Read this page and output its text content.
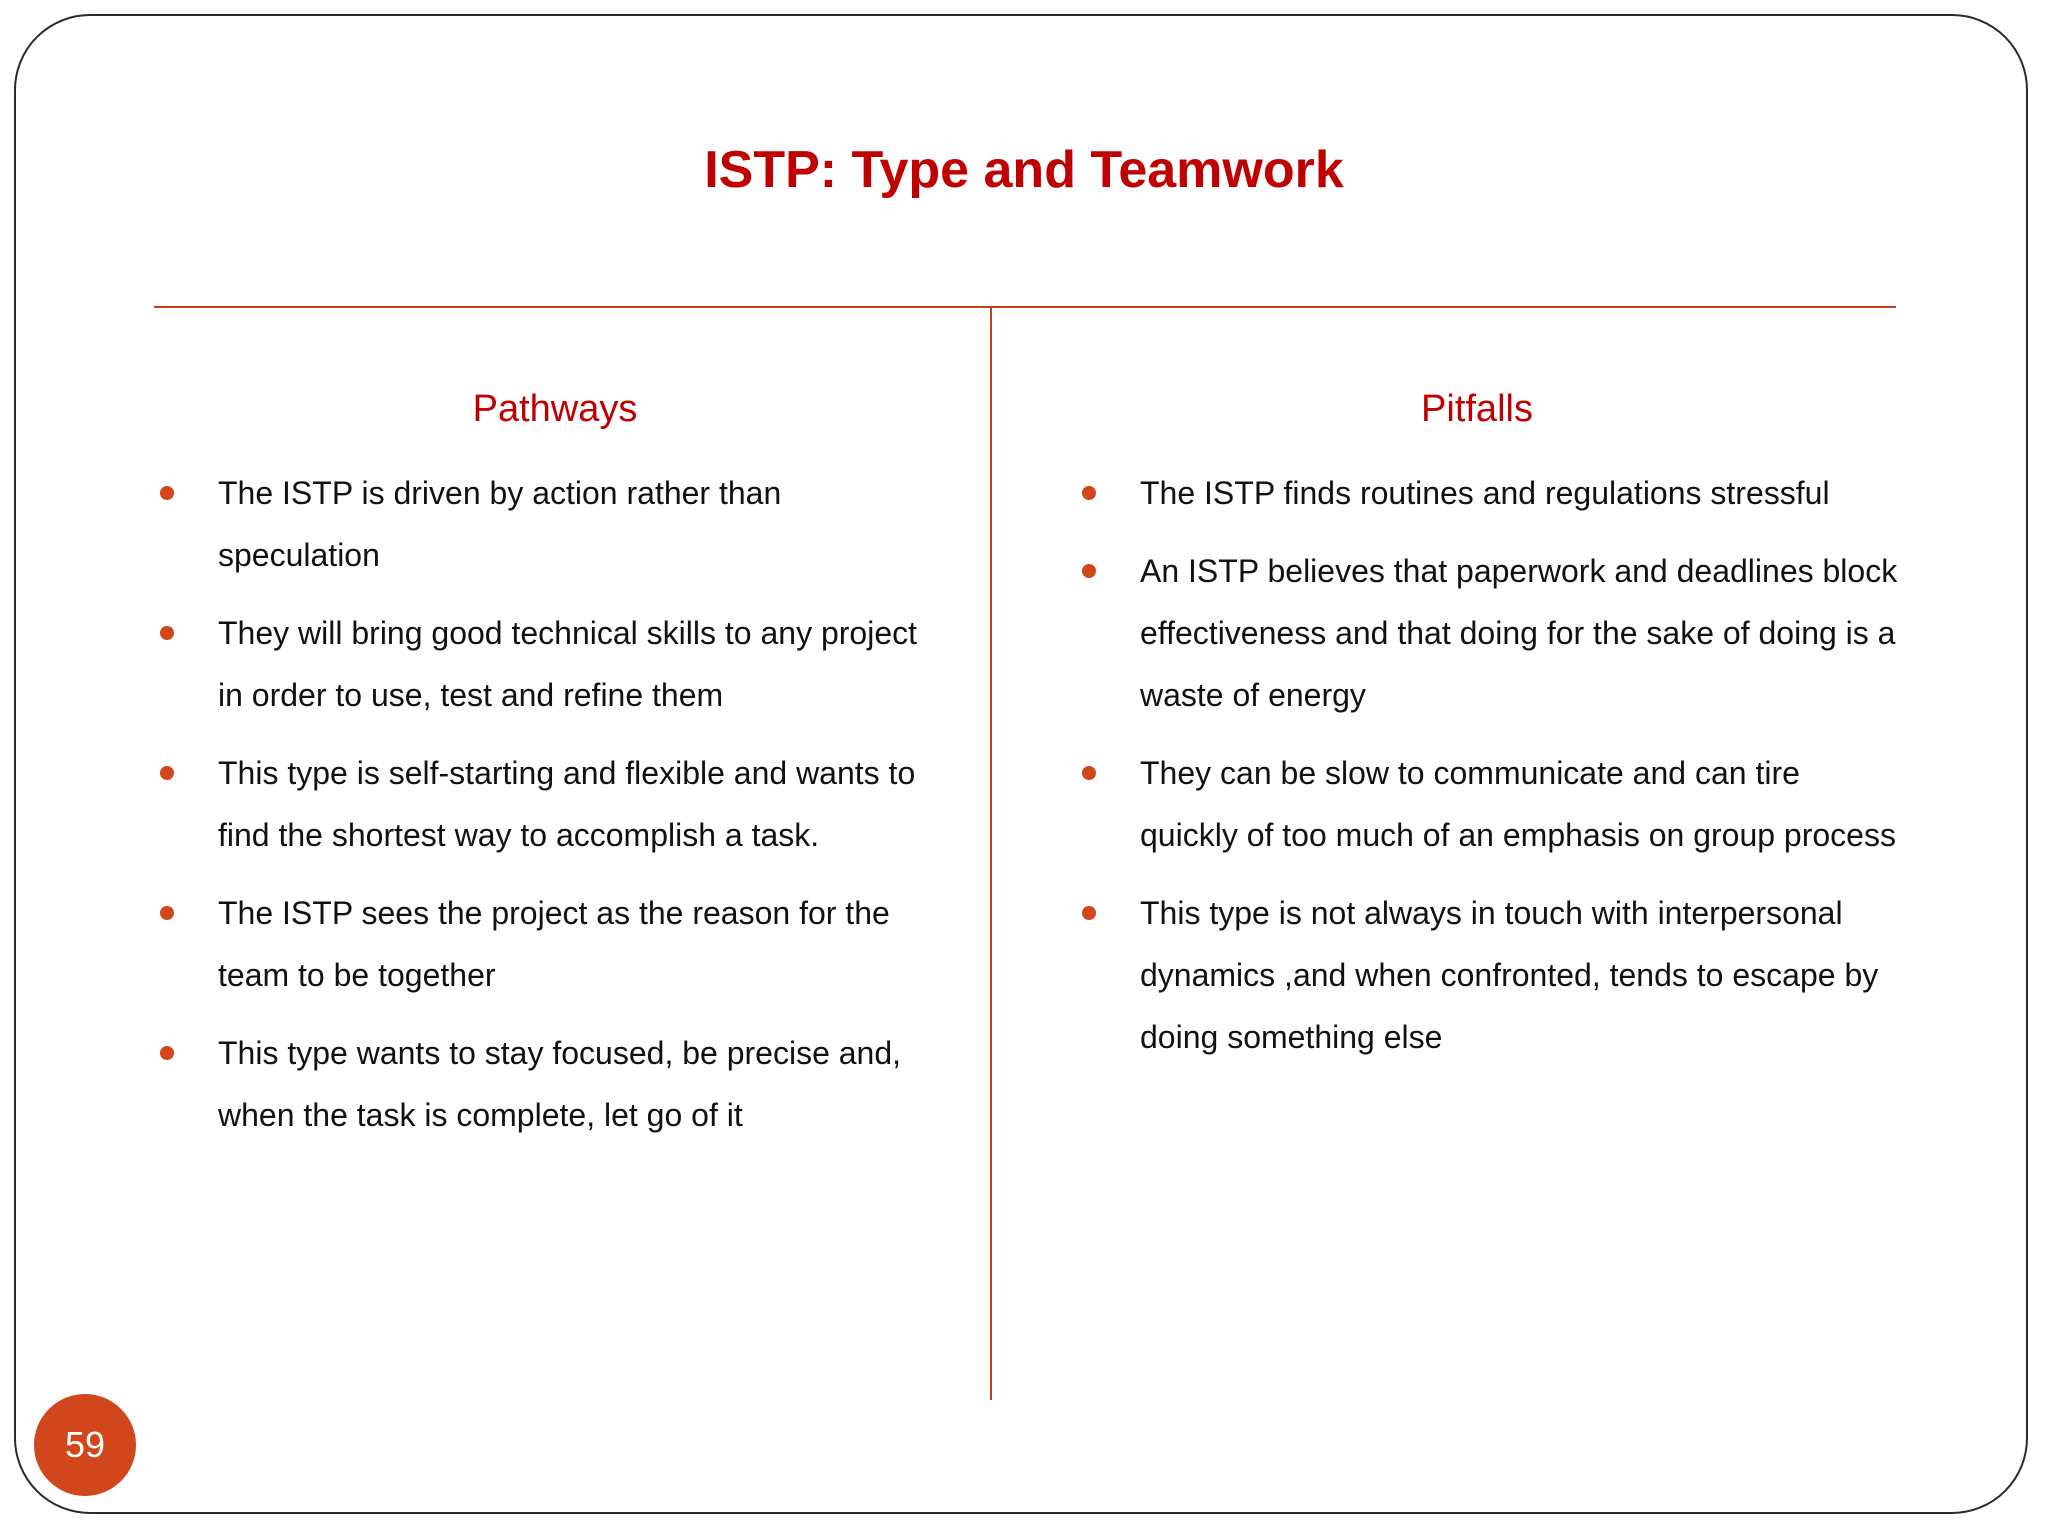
ISTP: Type and Teamwork
Pathways
The ISTP is driven by action rather than speculation
They will bring good technical skills to any project in order to use, test and refine them
This type is self-starting and flexible and wants to find the shortest way to accomplish a task.
The ISTP sees the project as the reason for the team to be together
This type wants to stay focused, be precise and, when the task is complete, let go of it
Pitfalls
The ISTP finds routines and regulations stressful
An ISTP believes that paperwork and deadlines block effectiveness and that doing for the sake of doing is a waste of energy
They can be slow to communicate and can tire quickly of too much of an emphasis on group process
This type is not always in touch with interpersonal dynamics ,and when confronted, tends to escape by doing something else
59
